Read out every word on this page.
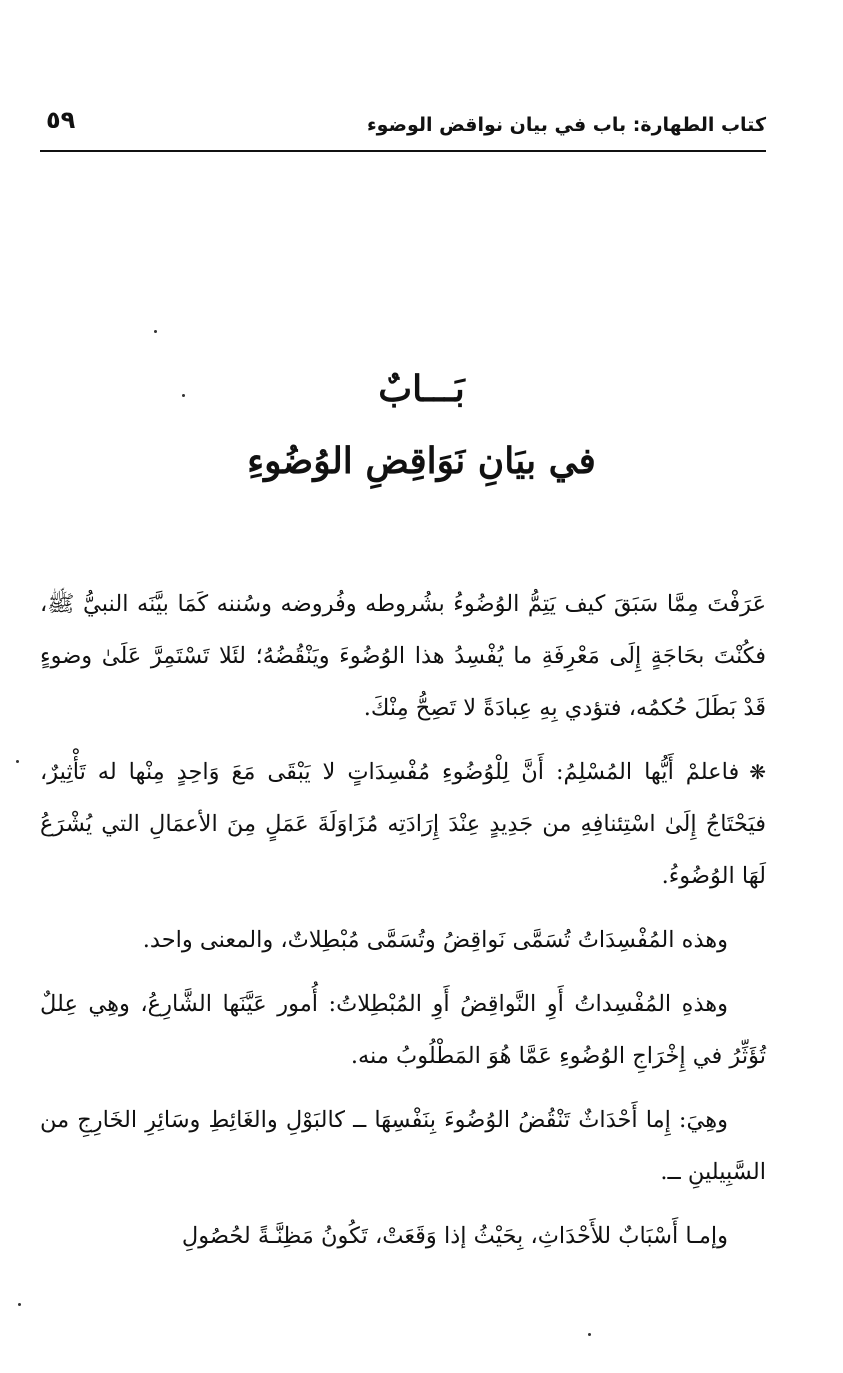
كتاب الطهارة: باب في بيان نواقض الوضوء
٥٩
بَـــابٌ
في بيَانِ نَوَاقِضِ الوُضُوءِ

عَرَفْتَ مِمَّا سَبَقَ كيف يَتِمُّ الوُضُوءُ بشُروطه وفُروضه وسُننه كَمَا بيَّنَه النبيُّ ﷺ، فكُنْتَ بحَاجَةٍ إِلَى مَعْرِفَةِ ما يُفْسِدُ هذا الوُضُوءَ ويَنْقُضُهُ؛ لئَلا تَسْتَمِرَّ عَلَىٰ وضوءٍ قَدْ بَطَلَ حُكمُه، فتؤدي بِهِ عِبادَةً لا تَصِحُّ مِنْكَ.

❋فاعلمْ أَيُّها المُسْلِمُ: أَنَّ لِلْوُضُوءِ مُفْسِدَاتٍ لا يَبْقَى مَعَ وَاحِدٍ مِنْها له تَأْثِيرٌ، فيَحْتَاجُ إِلَىٰ اسْتِئنافِهِ من جَدِيدٍ عِنْدَ إِرَادَتِه مُزَاوَلَةَ عَمَلٍ مِنَ الأعمَالِ التي يُشْرَعُ لَهَا الوُضُوءُ.

وهذه المُفْسِدَاتُ تُسَمَّى نَواقِضُ وتُسَمَّى مُبْطِلاتٌ، والمعنى واحد.

وهذهِ المُفْسِداتُ أَوِ النَّواقِضُ أَوِ المُبْطِلاتُ: أُمور عَيَّنَها الشَّارِعُ، وهِي عِللٌ تُؤَثِّرُ في إِخْرَاجِ الوُضُوءِ عَمَّا هُوَ المَطْلُوبُ منه.

وهِيَ: إِما أَحْدَاثٌ تَنْقُضُ الوُضُوءَ بِنَفْسِهَا ــ كالبَوْلِ والغَائِطِ وسَائِرِ الخَارِجِ من السَّبِيلينِ ــ.

وإمـا أَسْبَابٌ للأَحْدَاثِ، بِحَيْثُ إذا وَقَعَتْ، تَكُونُ مَظِنَّـةً لحُصُولِ
